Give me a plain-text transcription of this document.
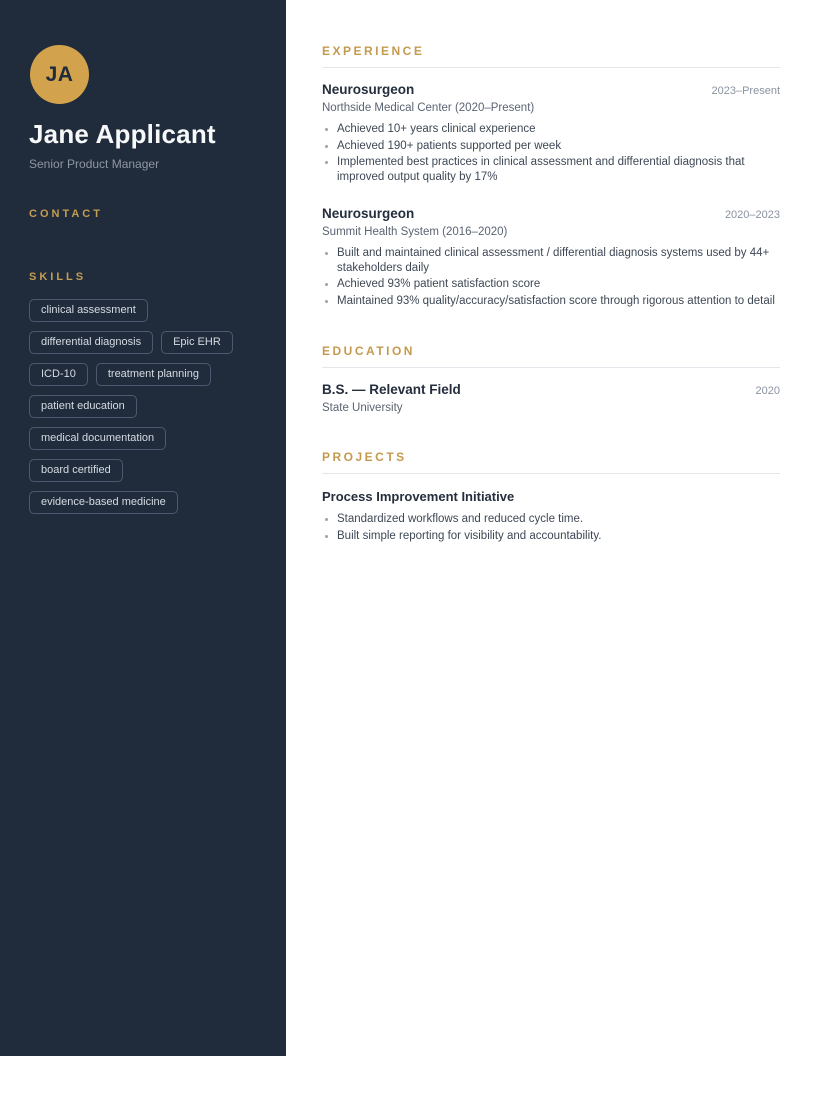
JA
Jane Applicant
Senior Product Manager
CONTACT
SKILLS
clinical assessment
differential diagnosis	Epic EHR
ICD-10	treatment planning
patient education
medical documentation
board certified
evidence-based medicine
EXPERIENCE
Neurosurgeon	2023–Present
Northside Medical Center (2020–Present)
Achieved 10+ years clinical experience
Achieved 190+ patients supported per week
Implemented best practices in clinical assessment and differential diagnosis that improved output quality by 17%
Neurosurgeon	2020–2023
Summit Health System (2016–2020)
Built and maintained clinical assessment / differential diagnosis systems used by 44+ stakeholders daily
Achieved 93% patient satisfaction score
Maintained 93% quality/accuracy/satisfaction score through rigorous attention to detail
EDUCATION
B.S. — Relevant Field	2020
State University
PROJECTS
Process Improvement Initiative
Standardized workflows and reduced cycle time.
Built simple reporting for visibility and accountability.
